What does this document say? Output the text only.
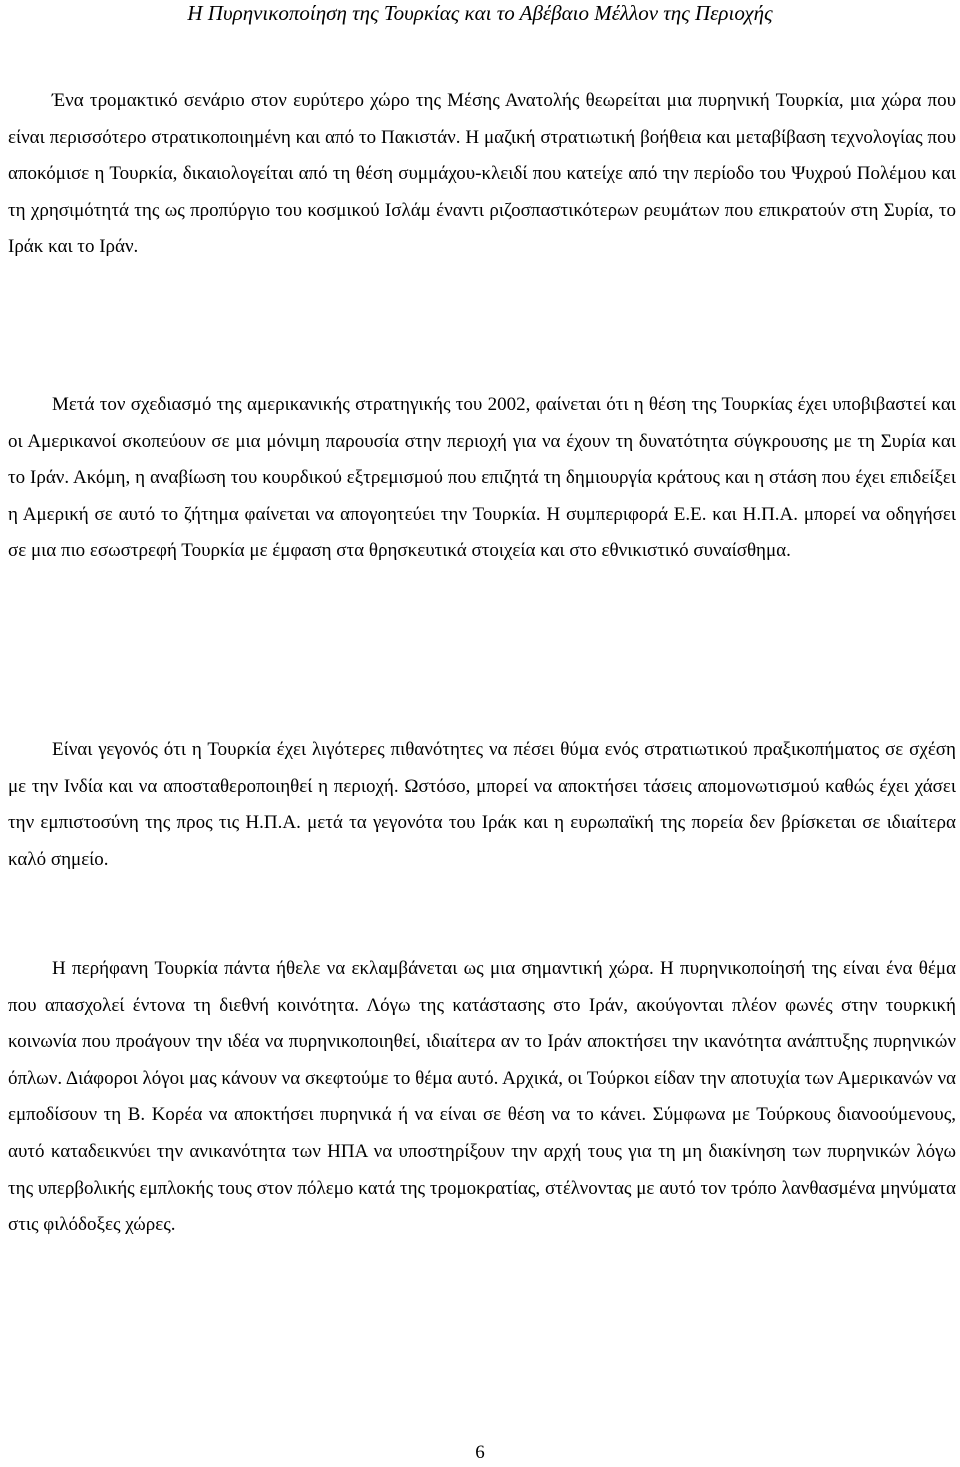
Η Πυρηνικοποίηση της Τουρκίας και το Αβέβαιο Μέλλον της Περιοχής

Ένα τρομακτικό σενάριο στον ευρύτερο χώρο της Μέσης Ανατολής θεωρείται μια πυρηνική Τουρκία, μια χώρα που είναι περισσότερο στρατικοποιημένη και από το Πακιστάν. Η μαζική στρατιωτική βοήθεια και μεταβίβαση τεχνολογίας που αποκόμισε η Τουρκία, δικαιολογείται από τη θέση συμμάχου-κλειδί που κατείχε από την περίοδο του Ψυχρού Πολέμου και τη χρησιμότητά της ως προπύργιο του κοσμικού Ισλάμ έναντι ριζοσπαστικότερων ρευμάτων που επικρατούν στη Συρία, το Ιράκ και το Ιράν.

Μετά τον σχεδιασμό της αμερικανικής στρατηγικής του 2002, φαίνεται ότι η θέση της Τουρκίας έχει υποβιβαστεί και οι Αμερικανοί σκοπεύουν σε μια μόνιμη παρουσία στην περιοχή για να έχουν τη δυνατότητα σύγκρουσης με τη Συρία και το Ιράν. Ακόμη, η αναβίωση του κουρδικού εξτρεμισμού που επιζητά τη δημιουργία κράτους και η στάση που έχει επιδείξει η Αμερική σε αυτό το ζήτημα φαίνεται να απογοητεύει την Τουρκία. Η συμπεριφορά Ε.Ε. και Η.Π.Α. μπορεί να οδηγήσει σε μια πιο εσωστρεφή Τουρκία με έμφαση στα θρησκευτικά στοιχεία και στο εθνικιστικό συναίσθημα.

Είναι γεγονός ότι η Τουρκία έχει λιγότερες πιθανότητες να πέσει θύμα ενός στρατιωτικού πραξικοπήματος σε σχέση με την Ινδία και να αποσταθεροποιηθεί η περιοχή. Ωστόσο, μπορεί να αποκτήσει τάσεις απομονωτισμού καθώς έχει χάσει την εμπιστοσύνη της προς τις Η.Π.Α. μετά τα γεγονότα του Ιράκ και η ευρωπαϊκή της πορεία δεν βρίσκεται σε ιδιαίτερα καλό σημείο.

Η περήφανη Τουρκία πάντα ήθελε να εκλαμβάνεται ως μια σημαντική χώρα. Η πυρηνικοποίησή της είναι ένα θέμα που απασχολεί έντονα τη διεθνή κοινότητα. Λόγω της κατάστασης στο Ιράν, ακούγονται πλέον φωνές στην τουρκική κοινωνία που προάγουν την ιδέα να πυρηνικοποιηθεί, ιδιαίτερα αν το Ιράν αποκτήσει την ικανότητα ανάπτυξης πυρηνικών όπλων. Διάφοροι λόγοι μας κάνουν να σκεφτούμε το θέμα αυτό. Αρχικά, οι Τούρκοι είδαν την αποτυχία των Αμερικανών να εμποδίσουν τη Β. Κορέα να αποκτήσει πυρηνικά ή να είναι σε θέση να το κάνει. Σύμφωνα με Τούρκους διανοούμενους, αυτό καταδεικνύει την ανικανότητα των ΗΠΑ να υποστηρίξουν την αρχή τους για τη μη διακίνηση των πυρηνικών λόγω της υπερβολικής εμπλοκής τους στον πόλεμο κατά της τρομοκρατίας, στέλνοντας με αυτό τον τρόπο λανθασμένα μηνύματα στις φιλόδοξες χώρες.

6
